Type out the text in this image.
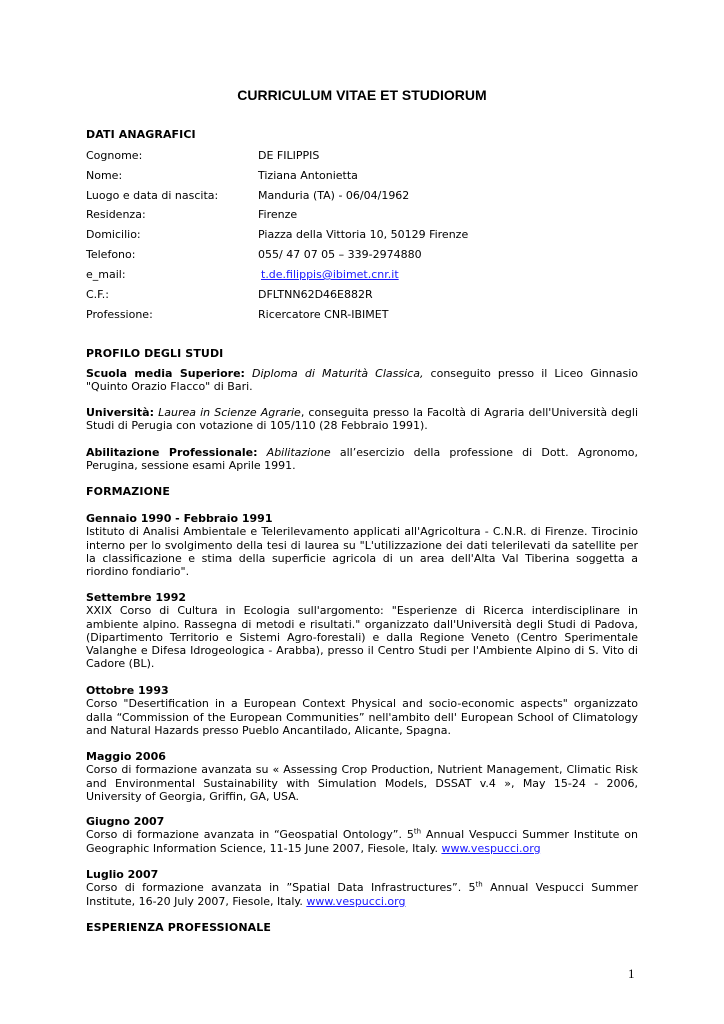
CURRICULUM VITAE ET STUDIORUM
DATI ANAGRAFICI
Cognome:	DE FILIPPIS
Nome:	Tiziana Antonietta
Luogo e data di nascita:	Manduria (TA) - 06/04/1962
Residenza:	Firenze
Domicilio:	Piazza della Vittoria 10, 50129 Firenze
Telefono:	055/ 47 07 05 – 339-2974880
e_mail:	t.de.filippis@ibimet.cnr.it
C.F.:	DFLTNN62D46E882R
Professione:	Ricercatore CNR-IBIMET
PROFILO DEGLI STUDI
Scuola media Superiore: Diploma di Maturità Classica, conseguito presso il Liceo Ginnasio
"Quinto Orazio Flacco" di Bari.
Università: Laurea in Scienze Agrarie, conseguita presso la Facoltà di Agraria dell'Università degli
Studi di Perugia con votazione di 105/110 (28 Febbraio 1991).
Abilitazione Professionale: Abilitazione all’esercizio della professione di Dott. Agronomo,
Perugina, sessione esami Aprile 1991.
FORMAZIONE
Gennaio 1990 - Febbraio 1991
Istituto di Analisi Ambientale e Telerilevamento applicati all'Agricoltura - C.N.R. di Firenze. Tirocinio
interno per lo svolgimento della tesi di laurea su "L'utilizzazione dei dati telerilevati da satellite per
la classificazione e stima della superficie agricola di un area dell'Alta Val Tiberina soggetta a
riordino fondiario".
Settembre 1992
XXIX Corso di Cultura in Ecologia sull'argomento: "Esperienze di Ricerca interdisciplinare in
ambiente alpino. Rassegna di metodi e risultati." organizzato dall'Università degli Studi di Padova,
(Dipartimento Territorio e Sistemi Agro-forestali) e dalla Regione Veneto (Centro Sperimentale
Valanghe e Difesa Idrogeologica - Arabba), presso il Centro Studi per l'Ambiente Alpino di S. Vito di
Cadore (BL).
Ottobre 1993
Corso "Desertification in a European Context Physical and socio-economic aspects" organizzato
dalla “Commission of the European Communities” nell'ambito dell' European School of Climatology
and Natural Hazards presso Pueblo Ancantilado, Alicante, Spagna.
Maggio 2006
Corso di formazione avanzata su « Assessing Crop Production, Nutrient Management, Climatic Risk
and Environmental Sustainability with Simulation Models, DSSAT v.4 », May 15-24 - 2006,
University of Georgia, Griffin, GA, USA.
Giugno 2007
Corso di formazione avanzata in “Geospatial Ontology”. 5th Annual Vespucci Summer Institute on
Geographic Information Science, 11-15 June 2007, Fiesole, Italy. www.vespucci.org
Luglio 2007
Corso di formazione avanzata in ”Spatial Data Infrastructures”. 5th Annual Vespucci Summer
Institute, 16-20 July 2007, Fiesole, Italy. www.vespucci.org
ESPERIENZA PROFESSIONALE
1
